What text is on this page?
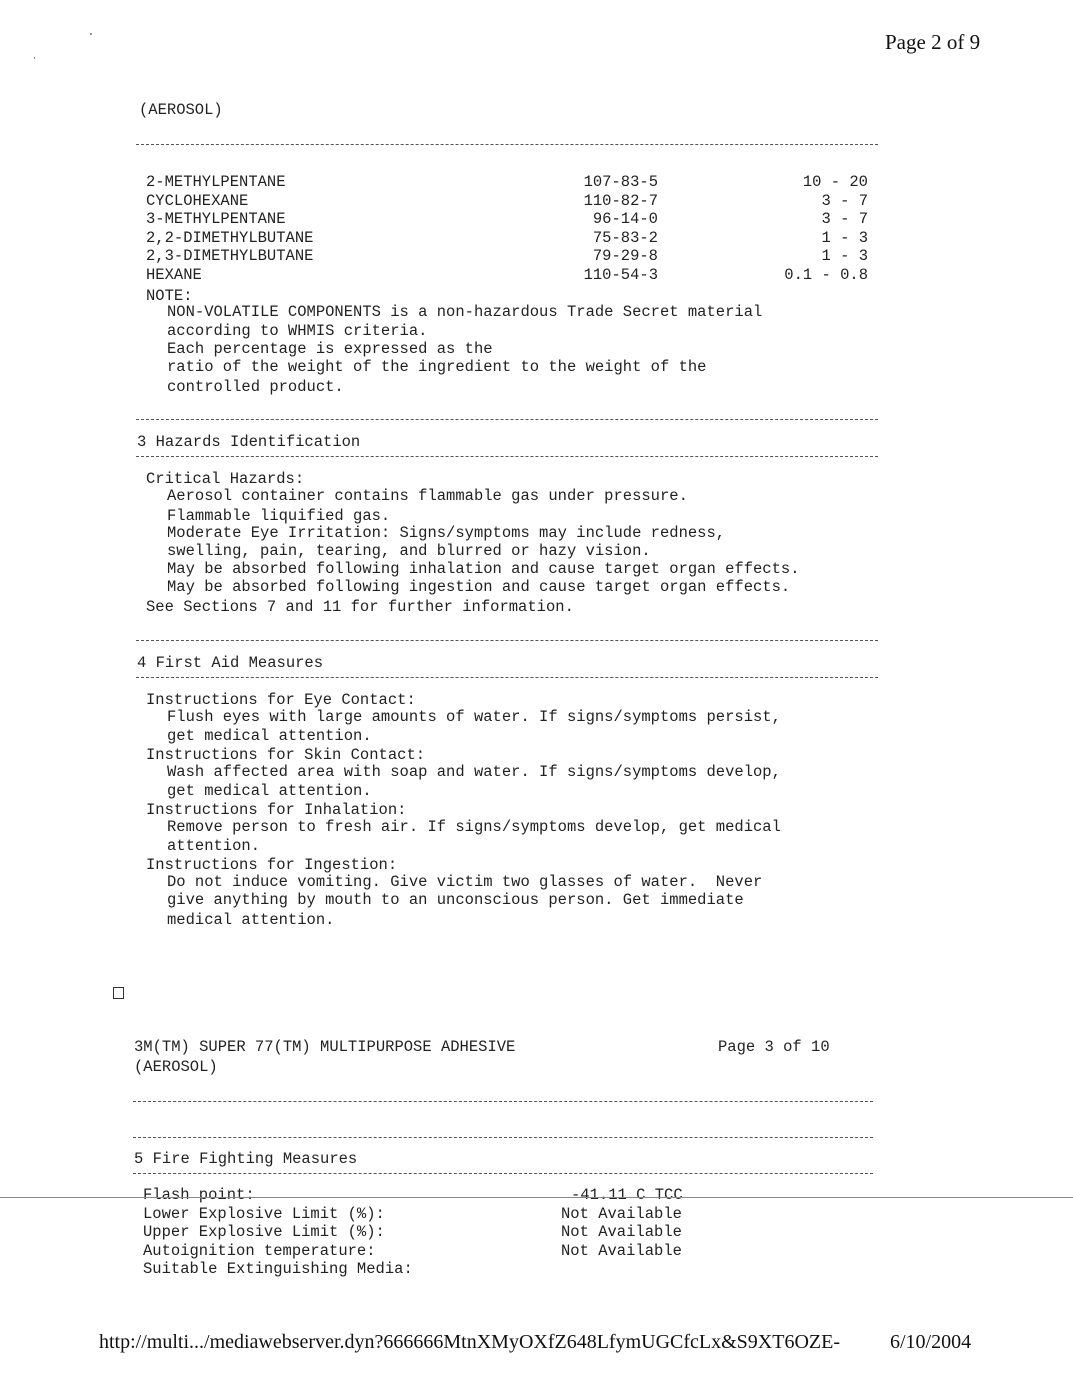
Page 2 of 9
(AEROSOL)
2-METHYLPENTANE	107-83-5	10 - 20
CYCLOHEXANE	110-82-7	3 - 7
3-METHYLPENTANE	96-14-0	3 - 7
2,2-DIMETHYLBUTANE	75-83-2	1 - 3
2,3-DIMETHYLBUTANE	79-29-8	1 - 3
HEXANE	110-54-3	0.1 - 0.8
NOTE:
NON-VOLATILE COMPONENTS is a non-hazardous Trade Secret material
according to WHMIS criteria.
Each percentage is expressed as the
ratio of the weight of the ingredient to the weight of the
controlled product.
3 Hazards Identification
Critical Hazards:
Aerosol container contains flammable gas under pressure.
Flammable liquified gas.
Moderate Eye Irritation: Signs/symptoms may include redness,
swelling, pain, tearing, and blurred or hazy vision.
May be absorbed following inhalation and cause target organ effects.
May be absorbed following ingestion and cause target organ effects.
See Sections 7 and 11 for further information.
4 First Aid Measures
Instructions for Eye Contact:
Flush eyes with large amounts of water. If signs/symptoms persist,
get medical attention.
Instructions for Skin Contact:
Wash affected area with soap and water. If signs/symptoms develop,
get medical attention.
Instructions for Inhalation:
Remove person to fresh air. If signs/symptoms develop, get medical
attention.
Instructions for Ingestion:
Do not induce vomiting. Give victim two glasses of water.  Never
give anything by mouth to an unconscious person. Get immediate
medical attention.
3M(TM) SUPER 77(TM) MULTIPURPOSE ADHESIVE	Page 3 of 10
(AEROSOL)
5 Fire Fighting Measures
Flash point:	-41.11 C TCC
Lower Explosive Limit (%):	Not Available
Upper Explosive Limit (%):	Not Available
Autoignition temperature:	Not Available
Suitable Extinguishing Media:
http://multi.../mediawebserver.dyn?666666MtnXMyOXfZ648LfymUGCfcLx&S9XT6OZE- 6/10/2004
